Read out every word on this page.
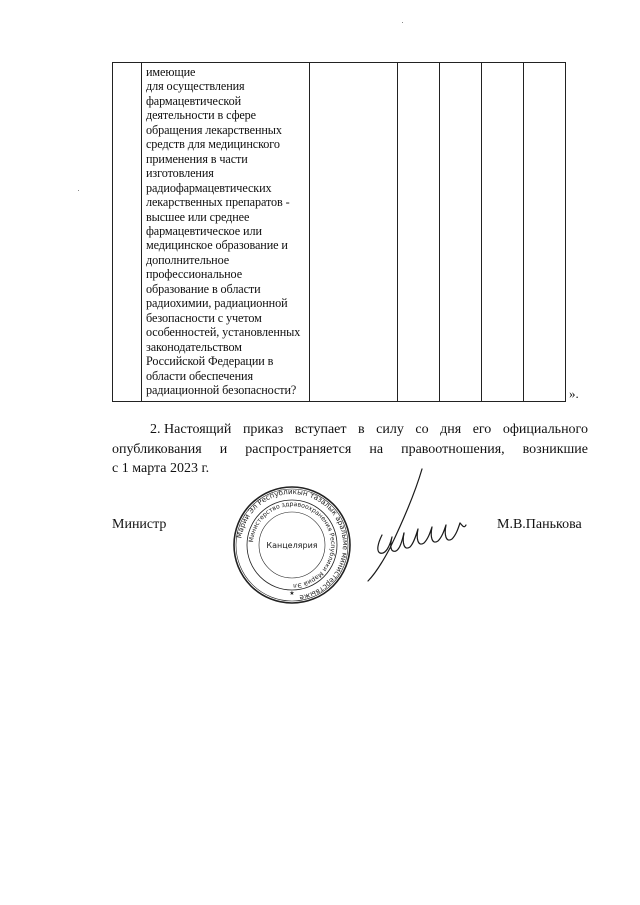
имеющие
для осуществления
фармацевтической
деятельности в сфере
обращения лекарственных
средств для медицинского
применения в части
изготовления
радиофармацевтических
лекарственных препаратов -
высшее или среднее
фармацевтическое или
медицинское образование и
дополнительное
профессиональное
образование в области
радиохимии, радиационной
безопасности с учетом
особенностей, установленных
законодательством
Российской Федерации в
области обеспечения
радиационной безопасности?	».
2. Настоящий приказ вступает в силу со дня его официального
опубликования и распространяется на правоотношения, возникшие
с 1 марта 2023 г.
Министр	М.В.Панькова
Марий Эл Республикын тазалык аралыме министерствыже
Министерство здравоохранения Республики Марий Эл
Канцелярия
★
